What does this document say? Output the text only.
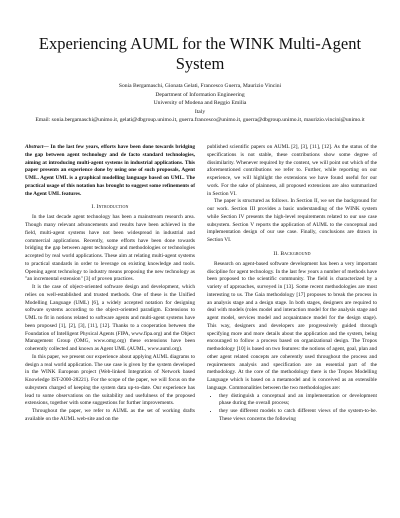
Experiencing AUML for the WINK Multi-Agent System
Sonia Bergamaschi, Gionata Gelati, Francesco Guerra, Maurizio Vincini
Department of Information Engineering
University of Modena and Reggio Emilia
Italy
Email: sonia.bergamaschi@unimo.it, gelati@dbgroup.unimo.it, guerra.francesco@unimo.it, guerra@dbgroup.unimo.it, maurizio.vincini@unimo.it

Abstract— In the last few years, efforts have been done towards bridging the gap between agent technology and de facto standard technologies, aiming at introducing multi-agent systems in industrial applications. This paper presents an experience done by using one of such proposals, Agent UML. Agent UML is a graphical modelling language based on UML. The practical usage of this notation has brought to suggest some refinements of the Agent UML features.

I. Introduction

In the last decade agent technology has been a mainstream research area. Though many relevant advancements and results have been achieved in the field, multi-agent systems have not been widespread in industrial and commercial applications. Recently, some efforts have been done towards bridging the gap between agent technology and methodologies or technologies accepted by real world applications. These aim at relating multi-agent systems to practical standards in order to leverage on existing knowledge and tools. Opening agent technology to industry means proposing the new technology as "an incremental extension" [3] of proven practices.

It is the case of object-oriented software design and development, which relies on well-established and trusted methods. One of these is the Unified Modelling Language (UML) [6], a widely accepted notation for designing software systems according to the object-oriented paradigm. Extensions to UML to fit in notions related to software agents and multi-agent systems have been proposed [1], [2], [3], [11], [12]. Thanks to a cooperation between the Foundation of Intelligent Physical Agents (FIPA, www.fipa.org) and the Object Management Group (OMG, www.omg.org) these extensions have been coherently collected and known as Agent UML (AUML, www.auml.org).

In this paper, we present our experience about applying AUML diagrams to design a real world application. The use case is given by the system developed in the WINK European project (Web-linked Integration of Network based Knowledge IST-2000-28221). For the scope of the paper, we will focus on the subsystem charged of keeping the system data up-to-date. Our experience has lead to some observations on the suitability and usefulness of the proposed extensions, together with some suggestions for further improvements.

Throughout the paper, we refer to AUML as the set of working drafts available on the AUML web-site and on the

published scientific papers on AUML [2], [3], [11], [12]. As the status of the specifications is not stable, these contributions show some degree of dissimilarity. Whenever required by the content, we will point out which of the aforementioned contributions we refer to. Further, while reporting on our experience, we will highlight the extensions we have found useful for our work. For the sake of plainness, all proposed extensions are also summarized in Section VI.

The paper is structured as follows. In Section II, we set the background for our work. Section III provides a basic understanding of the WINK system while Section IV presents the high-level requirements related to our use case subsystem. Section V reports the application of AUML to the conceptual and implementation design of our use case. Finally, conclusions are drawn in Section VI.

II. Background

Research on agent-based software development has been a very important discipline for agent technology. In the last few years a number of methods have been proposed to the scientific community. The field is characterized by a variety of approaches, surveyed in [13]. Some recent methodologies are most interesting to us. The Gaia methodology [17] proposes to break the process in an analysis stage and a design stage. In both stages, designers are required to deal with models (roles model and interaction model for the analysis stage and agent model, services model and acquaintance model for the design stage). This way, designers and developers are progressively guided through specifying more and more details about the application and the system, being encouraged to follow a process based on organizational design. The Tropos methodology [10] is based on two features: the notions of agent, goal, plan and other agent related concepts are coherently used throughout the process and requirements analysis and specification are an essential part of the methodology. At the core of the methodology there is the Tropos Modelling Language which is based on a metamodel and is conceived as an extensible language. Commonalities between the two methodologies are:

• they distinguish a conceptual and an implementation or development phase during the overall process;
• they use different models to catch different views of the system-to-be. These views concerns the following
